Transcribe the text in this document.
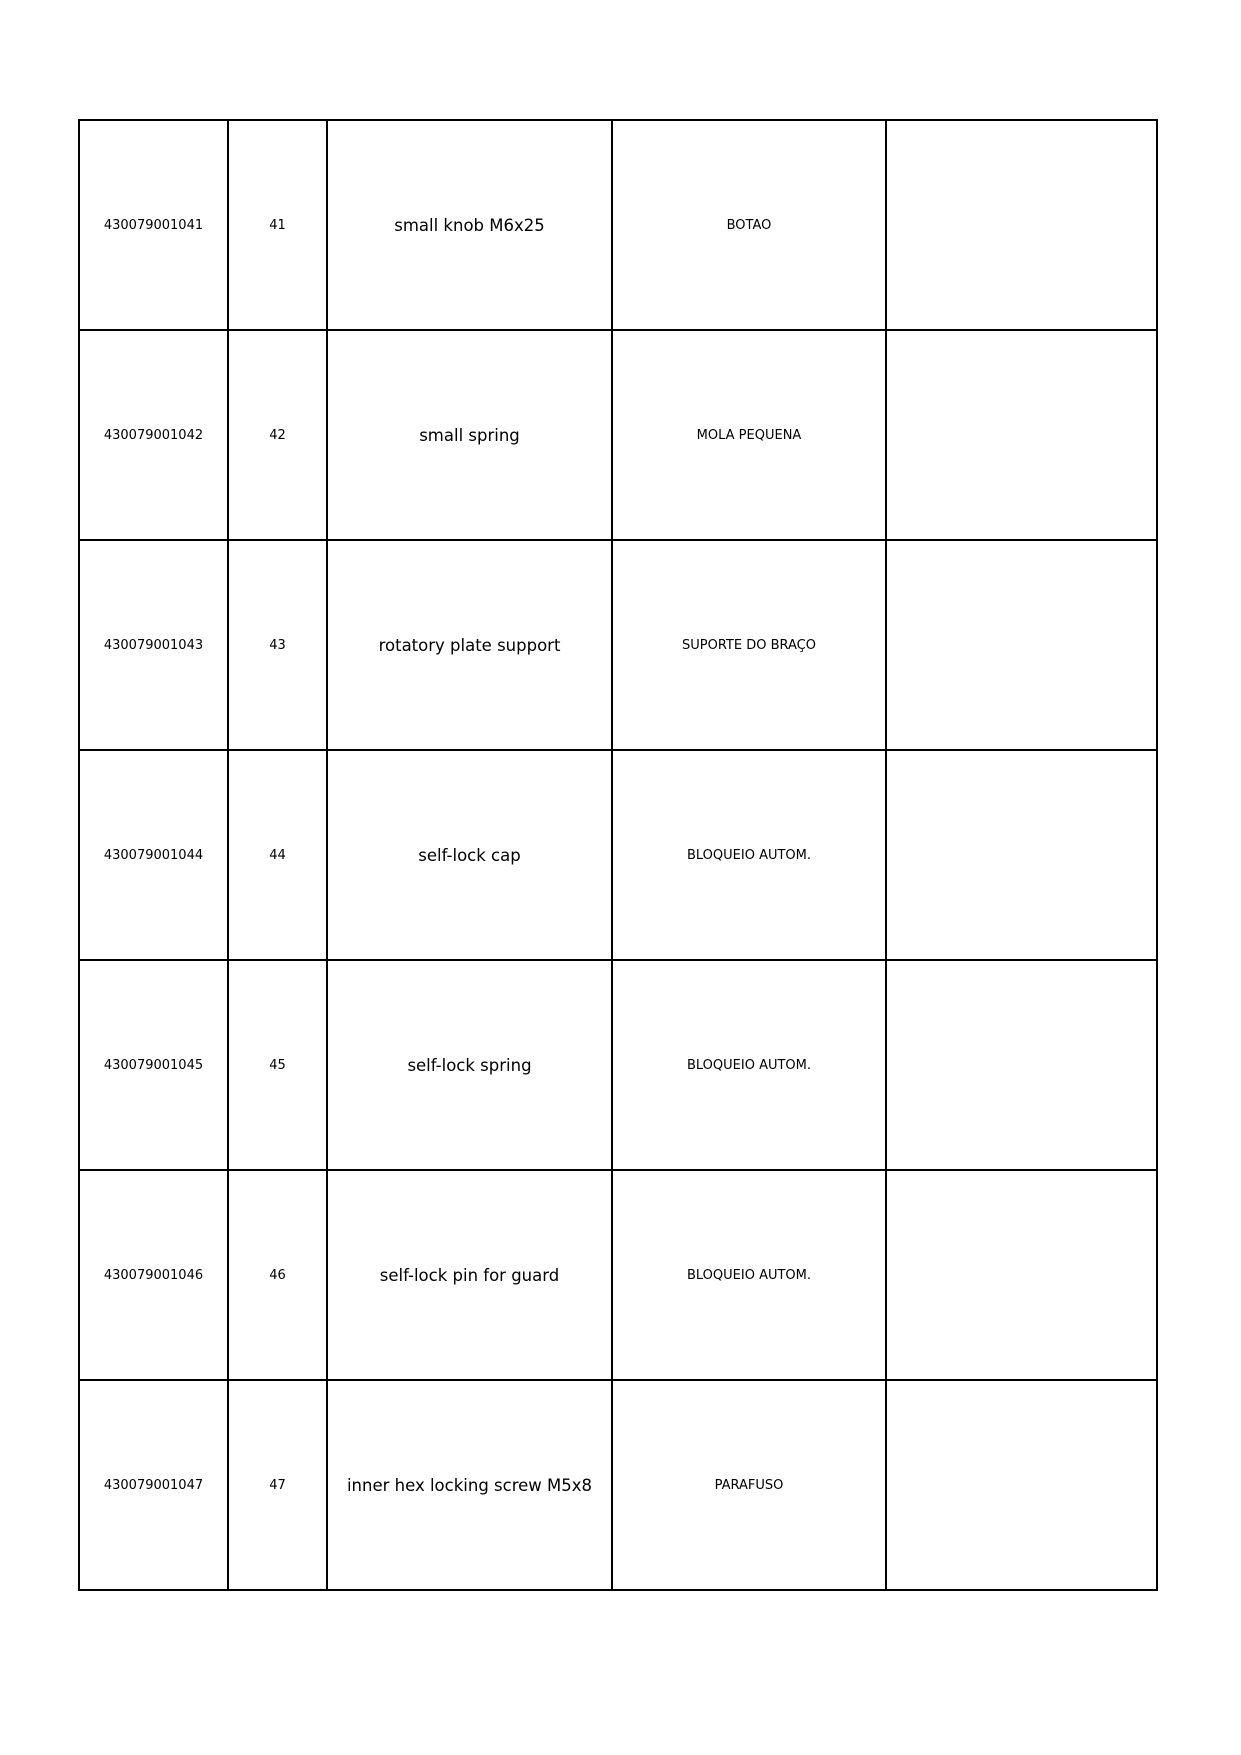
430079001041	41	small knob M6x25	BOTAO	
430079001042	42	small spring	MOLA PEQUENA	
430079001043	43	rotatory plate support	SUPORTE DO BRAÇO	
430079001044	44	self-lock cap	BLOQUEIO AUTOM.	
430079001045	45	self-lock spring	BLOQUEIO AUTOM.	
430079001046	46	self-lock pin for guard	BLOQUEIO AUTOM.	
430079001047	47	inner hex locking screw M5x8	PARAFUSO	
